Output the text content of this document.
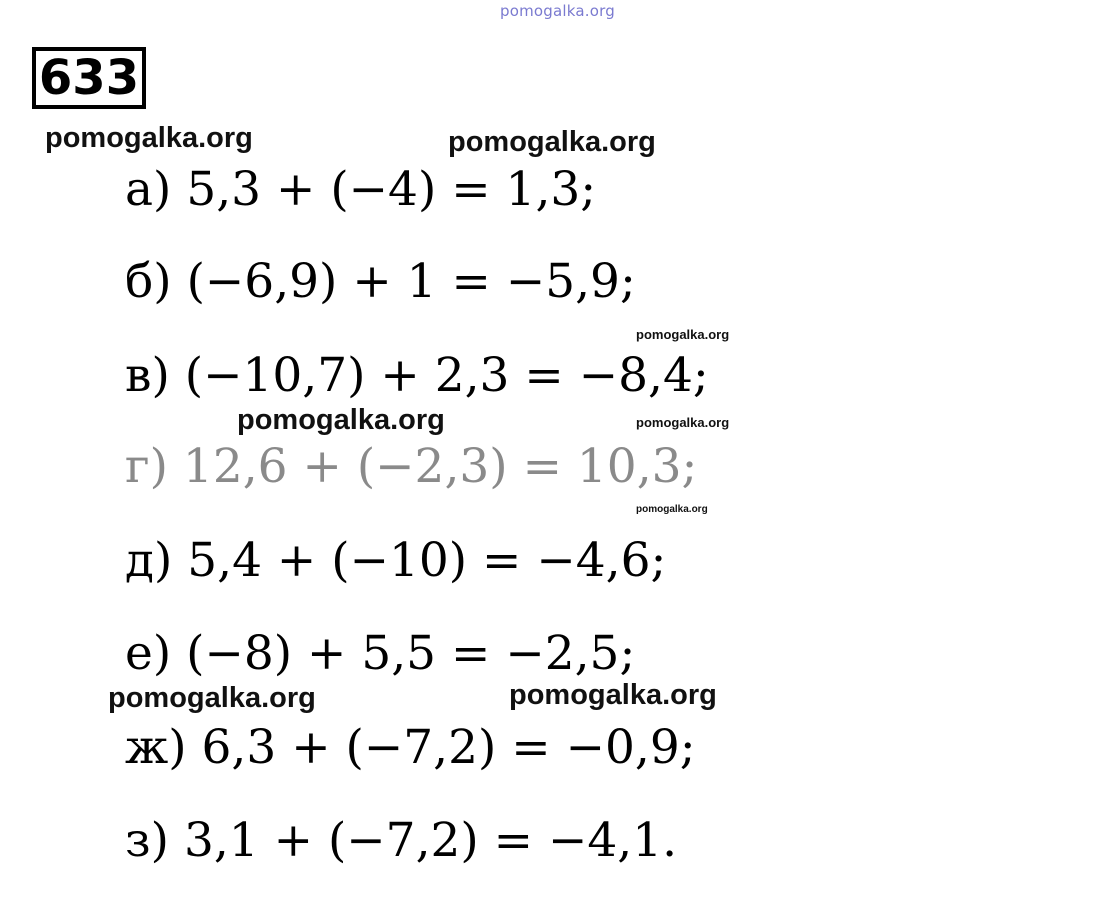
pomogalka.org
633
pomogalka.org	pomogalka.org
pomogalka.org
pomogalka.org	pomogalka.org
pomogalka.org
pomogalka.org	pomogalka.org
а) 5,3 + (−4) = 1,3;
б) (−6,9) + 1 = −5,9;
в) (−10,7) + 2,3 = −8,4;
г) 12,6 + (−2,3) = 10,3;
д) 5,4 + (−10) = −4,6;
е) (−8) + 5,5 = −2,5;
ж) 6,3 + (−7,2) = −0,9;
з) 3,1 + (−7,2) = −4,1.
